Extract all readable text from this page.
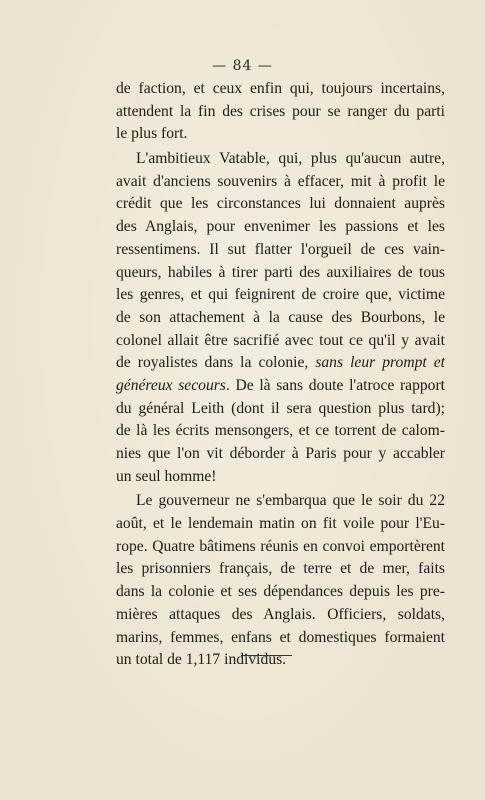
— 84 —
de faction, et ceux enfin qui, toujours incertains,
attendent la fin des crises pour se ranger du parti
le plus fort.
L'ambitieux Vatable, qui, plus qu'aucun autre,
avait d'anciens souvenirs à effacer, mit à profit le
crédit que les circonstances lui donnaient auprès
des Anglais, pour envenimer les passions et les
ressentimens. Il sut flatter l'orgueil de ces vain-
queurs, habiles à tirer parti des auxiliaires de tous
les genres, et qui feignirent de croire que, victime
de son attachement à la cause des Bourbons, le
colonel allait être sacrifié avec tout ce qu'il y avait
de royalistes dans la colonie, sans leur prompt et
généreux secours. De là sans doute l'atroce rapport
du général Leith (dont il sera question plus tard);
de là les écrits mensongers, et ce torrent de calom-
nies que l'on vit déborder à Paris pour y accabler
un seul homme!
Le gouverneur ne s'embarqua que le soir du 22
août, et le lendemain matin on fit voile pour l'Eu-
rope. Quatre bâtimens réunis en convoi emportèrent
les prisonniers français, de terre et de mer, faits
dans la colonie et ses dépendances depuis les pre-
mières attaques des Anglais. Officiers, soldats,
marins, femmes, enfans et domestiques formaient
un total de 1,117 individus.
